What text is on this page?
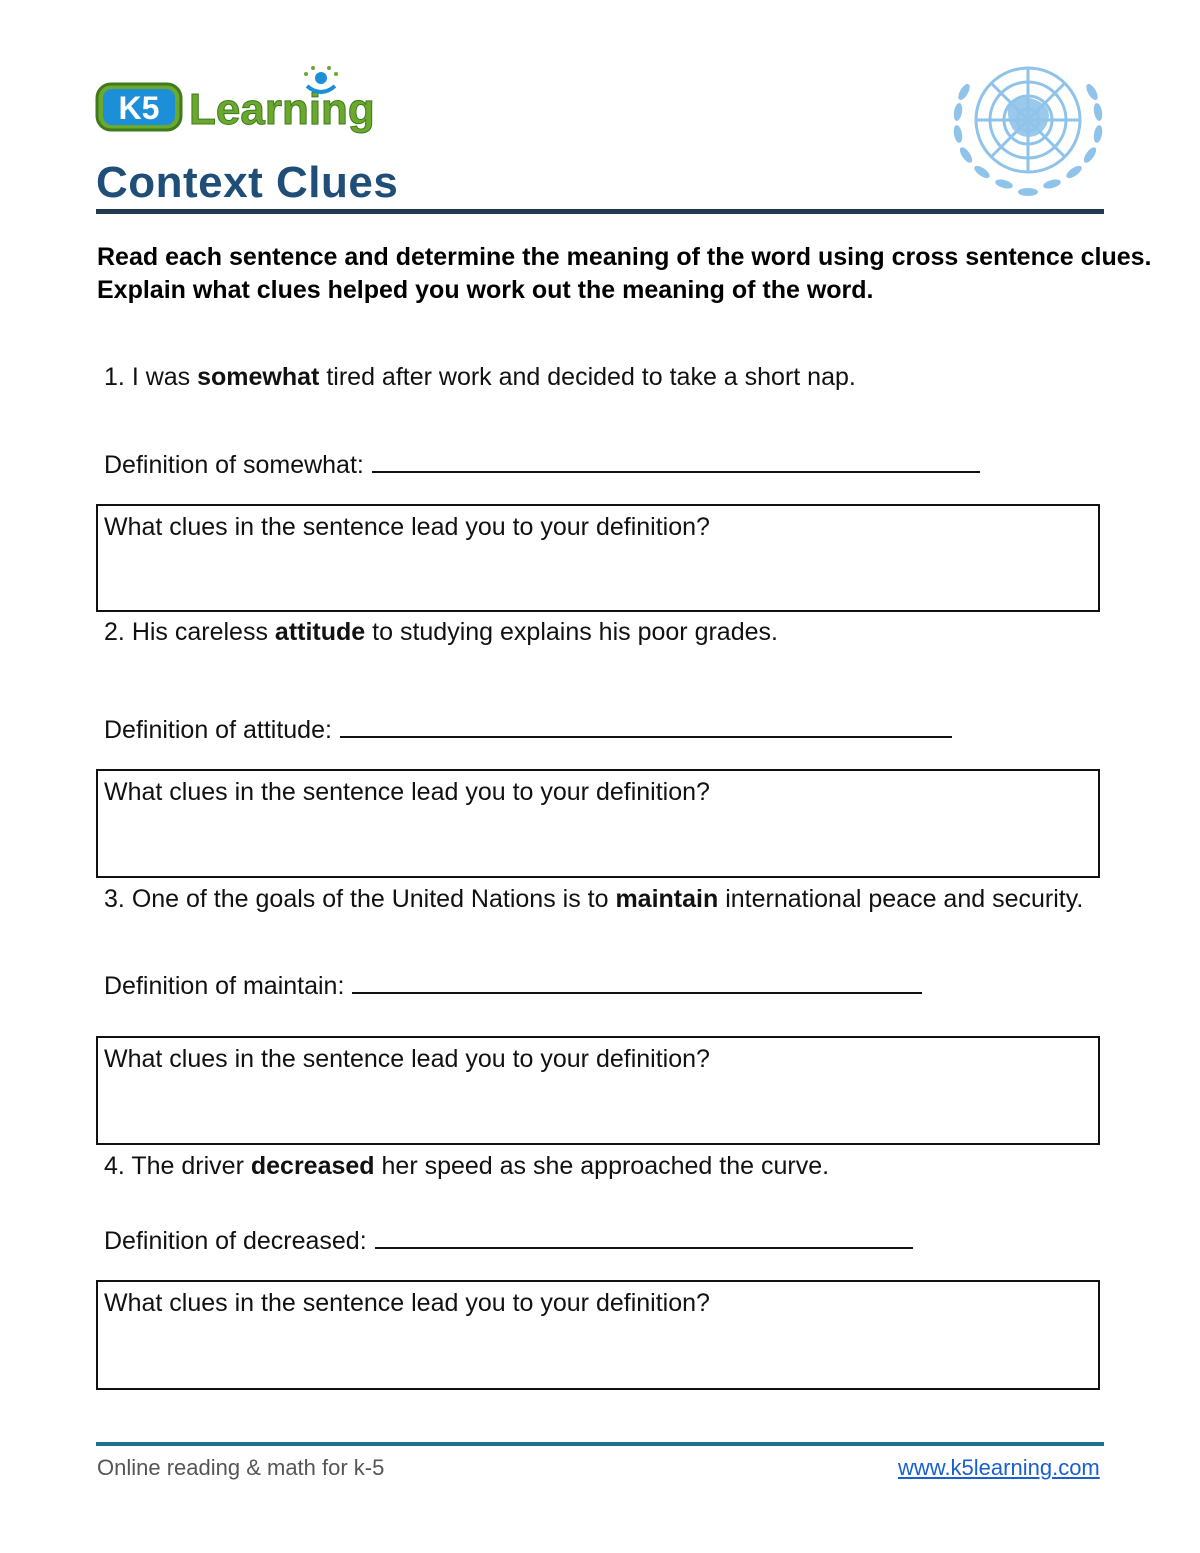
K5 Learning
Context Clues
Read each sentence and determine the meaning of the word using cross sentence clues. Explain what clues helped you work out the meaning of the word.
1. I was somewhat tired after work and decided to take a short nap.
Definition of somewhat:
What clues in the sentence lead you to your definition?
2. His careless attitude to studying explains his poor grades.
Definition of attitude:
What clues in the sentence lead you to your definition?
3. One of the goals of the United Nations is to maintain international peace and security.
Definition of maintain:
What clues in the sentence lead you to your definition?
4. The driver decreased her speed as she approached the curve.
Definition of decreased:
What clues in the sentence lead you to your definition?
Online reading & math for k-5	www.k5learning.com
